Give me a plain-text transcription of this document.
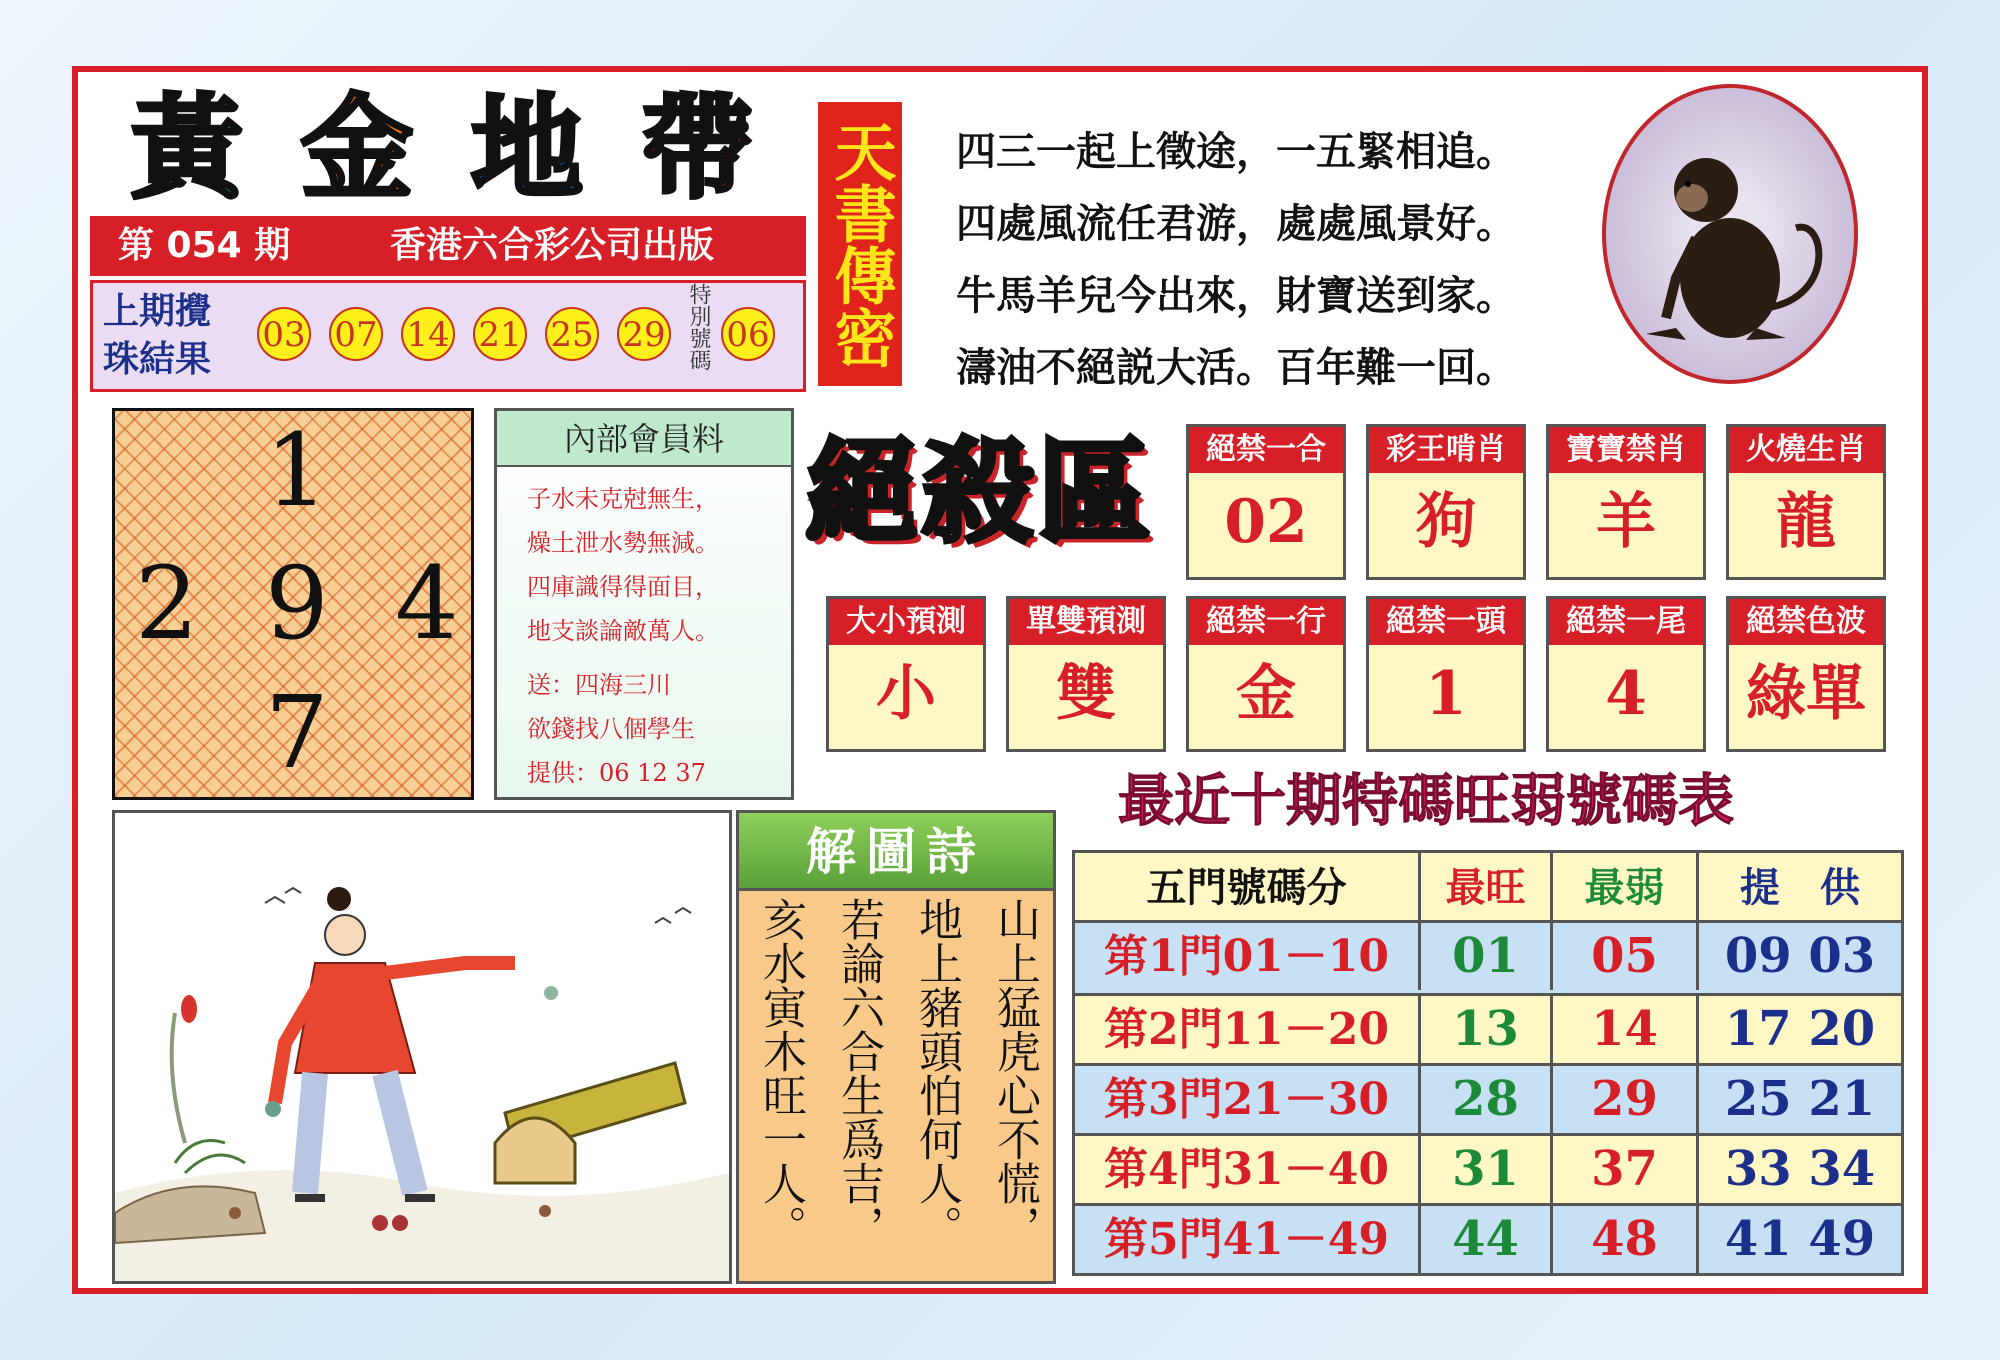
黃 金 地 帶
第 054 期	香港六合彩公司出版
上期攪
珠結果
03 07 14 21 25 29 特別號碼 06 天書傳密 四三一起上徵途，一五緊相追。
四處風流任君游，處處風景好。
牛馬羊兒今出來，財寶送到家。
濤油不絕説大活。百年難一回。
1
2 9 4
7
內部會員料
子水未克尅無生，
燥土泄水勢無減。
四庫識得得面目，
地支談論敵萬人。
送：四海三川
欲錢找八個學生
提供：06 12 37
絕殺區	絕禁一合
02
彩王啃肖
狗
寶寶禁肖
羊
火燒生肖
龍
大小預測
小
單雙預測
雙
絕禁一行
金
絕禁一頭
1
絕禁一尾
4
絕禁色波
綠單
解圖詩
亥水寅木旺一人。 若論六合生爲吉， 地上豬頭怕何人。 山上猛虎心不慌，
最近十期特碼旺弱號碼表
五門號碼分	最旺	最弱	提　供
第1門01－10	01	05	09 03
第2門11－20	13	14	17 20
第3門21－30	28	29	25 21
第4門31－40	31	37	33 34
第5門41－49	44	48	41 49
